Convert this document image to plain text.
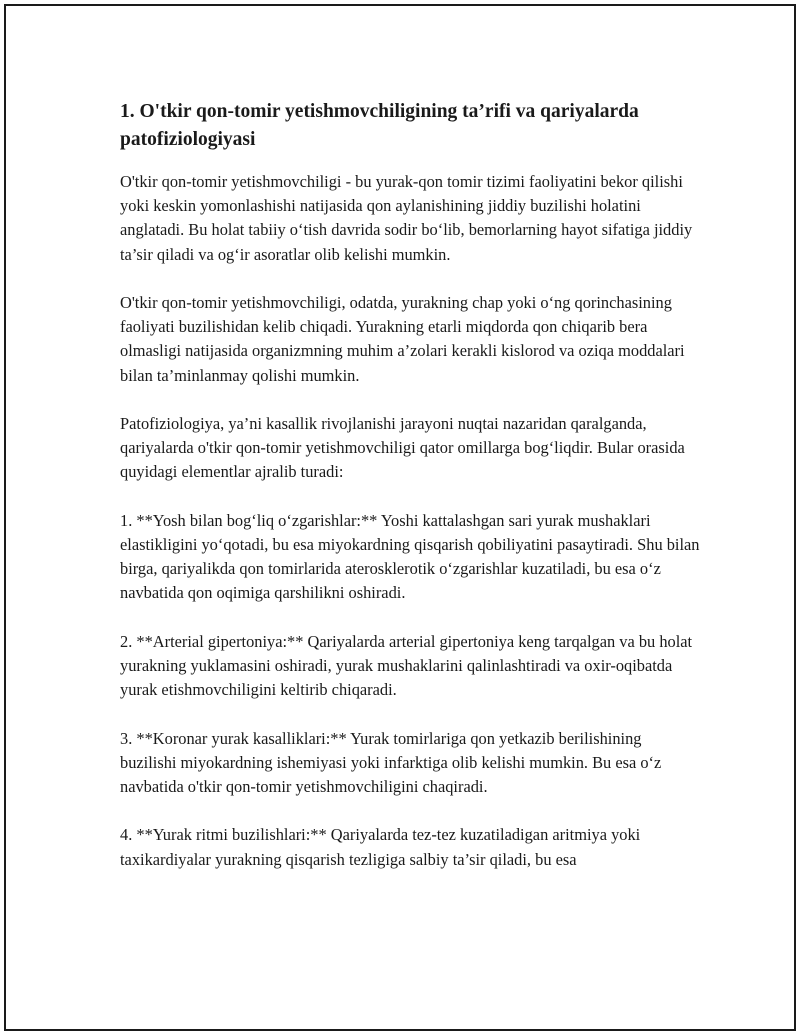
1. O'tkir qon-tomir yetishmovchiligining ta’rifi va qariyalarda patofiziologiyasi

O'tkir qon-tomir yetishmovchiligi - bu yurak-qon tomir tizimi faoliyatini bekor qilishi yoki keskin yomonlashishi natijasida qon aylanishining jiddiy buzilishi holatini anglatadi. Bu holat tabiiy o‘tish davrida sodir bo‘lib, bemorlarning hayot sifatiga jiddiy ta’sir qiladi va og‘ir asoratlar olib kelishi mumkin.

O'tkir qon-tomir yetishmovchiligi, odatda, yurakning chap yoki o‘ng qorinchasining faoliyati buzilishidan kelib chiqadi. Yurakning etarli miqdorda qon chiqarib bera olmasligi natijasida organizmning muhim a’zolari kerakli kislorod va oziqa moddalari bilan ta’minlanmay qolishi mumkin.

Patofiziologiya, ya’ni kasallik rivojlanishi jarayoni nuqtai nazaridan qaralganda, qariyalarda o'tkir qon-tomir yetishmovchiligi qator omillarga bog‘liqdir. Bular orasida quyidagi elementlar ajralib turadi:

1. **Yosh bilan bog‘liq o‘zgarishlar:** Yoshi kattalashgan sari yurak mushaklari elastikligini yo‘qotadi, bu esa miyokardning qisqarish qobiliyatini pasaytiradi. Shu bilan birga, qariyalikda qon tomirlarida aterosklerotik o‘zgarishlar kuzatiladi, bu esa o‘z navbatida qon oqimiga qarshilikni oshiradi.

2. **Arterial gipertoniya:** Qariyalarda arterial gipertoniya keng tarqalgan va bu holat yurakning yuklamasini oshiradi, yurak mushaklarini qalinlashtiradi va oxir-oqibatda yurak etishmovchiligini keltirib chiqaradi.

3. **Koronar yurak kasalliklari:** Yurak tomirlariga qon yetkazib berilishining buzilishi miyokardning ishemiyasi yoki infarktiga olib kelishi mumkin. Bu esa o‘z navbatida o'tkir qon-tomir yetishmovchiligini chaqiradi.

4. **Yurak ritmi buzilishlari:** Qariyalarda tez-tez kuzatiladigan aritmiya yoki taxikardiyalar yurakning qisqarish tezligiga salbiy ta’sir qiladi, bu esa
